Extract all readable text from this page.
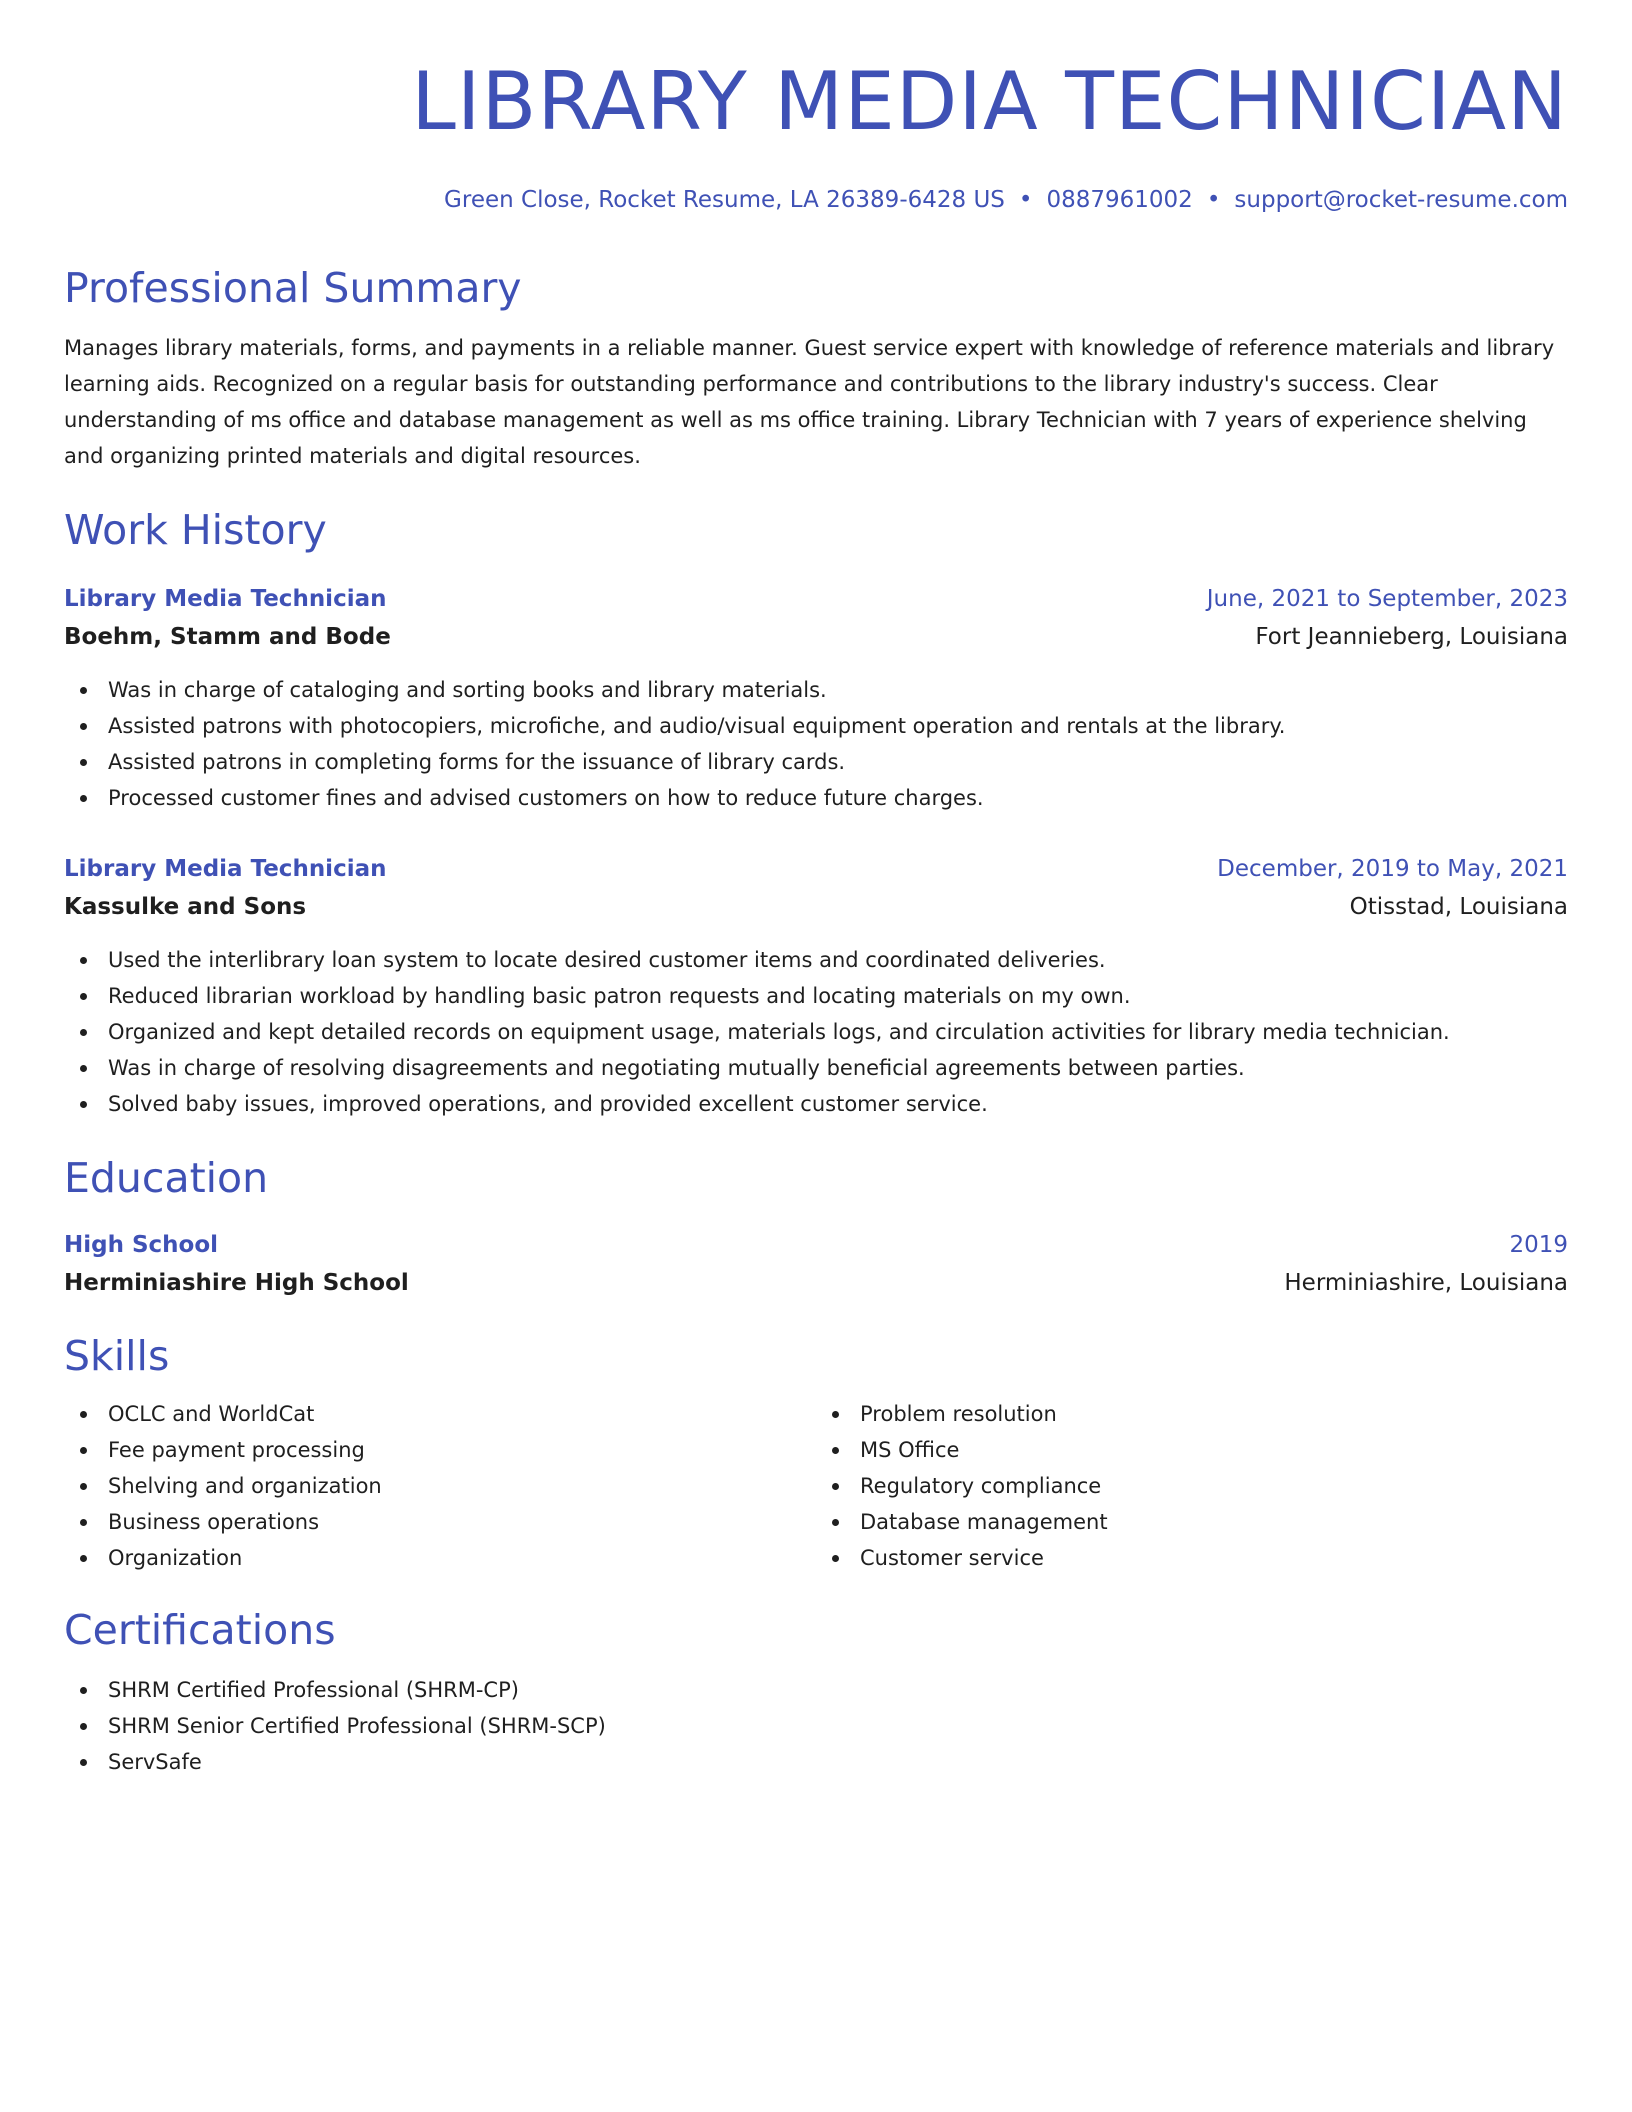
LIBRARY MEDIA TECHNICIAN
Green Close, Rocket Resume, LA 26389-6428 US • 0887961002 • support@rocket-resume.com
Professional Summary
Manages library materials, forms, and payments in a reliable manner. Guest service expert with knowledge of reference materials and library learning aids. Recognized on a regular basis for outstanding performance and contributions to the library industry's success. Clear understanding of ms office and database management as well as ms office training. Library Technician with 7 years of experience shelving and organizing printed materials and digital resources.
Work History
Library Media Technician	June, 2021 to September, 2023
Boehm, Stamm and Bode	Fort Jeannieberg, Louisiana
Was in charge of cataloging and sorting books and library materials.
Assisted patrons with photocopiers, microfiche, and audio/visual equipment operation and rentals at the library.
Assisted patrons in completing forms for the issuance of library cards.
Processed customer fines and advised customers on how to reduce future charges.
Library Media Technician	December, 2019 to May, 2021
Kassulke and Sons	Otisstad, Louisiana
Used the interlibrary loan system to locate desired customer items and coordinated deliveries.
Reduced librarian workload by handling basic patron requests and locating materials on my own.
Organized and kept detailed records on equipment usage, materials logs, and circulation activities for library media technician.
Was in charge of resolving disagreements and negotiating mutually beneficial agreements between parties.
Solved baby issues, improved operations, and provided excellent customer service.
Education
High School	2019
Herminiashire High School	Herminiashire, Louisiana
Skills
OCLC and WorldCat
Fee payment processing
Shelving and organization
Business operations
Organization
Problem resolution
MS Office
Regulatory compliance
Database management
Customer service
Certifications
SHRM Certified Professional (SHRM-CP)
SHRM Senior Certified Professional (SHRM-SCP)
ServSafe
